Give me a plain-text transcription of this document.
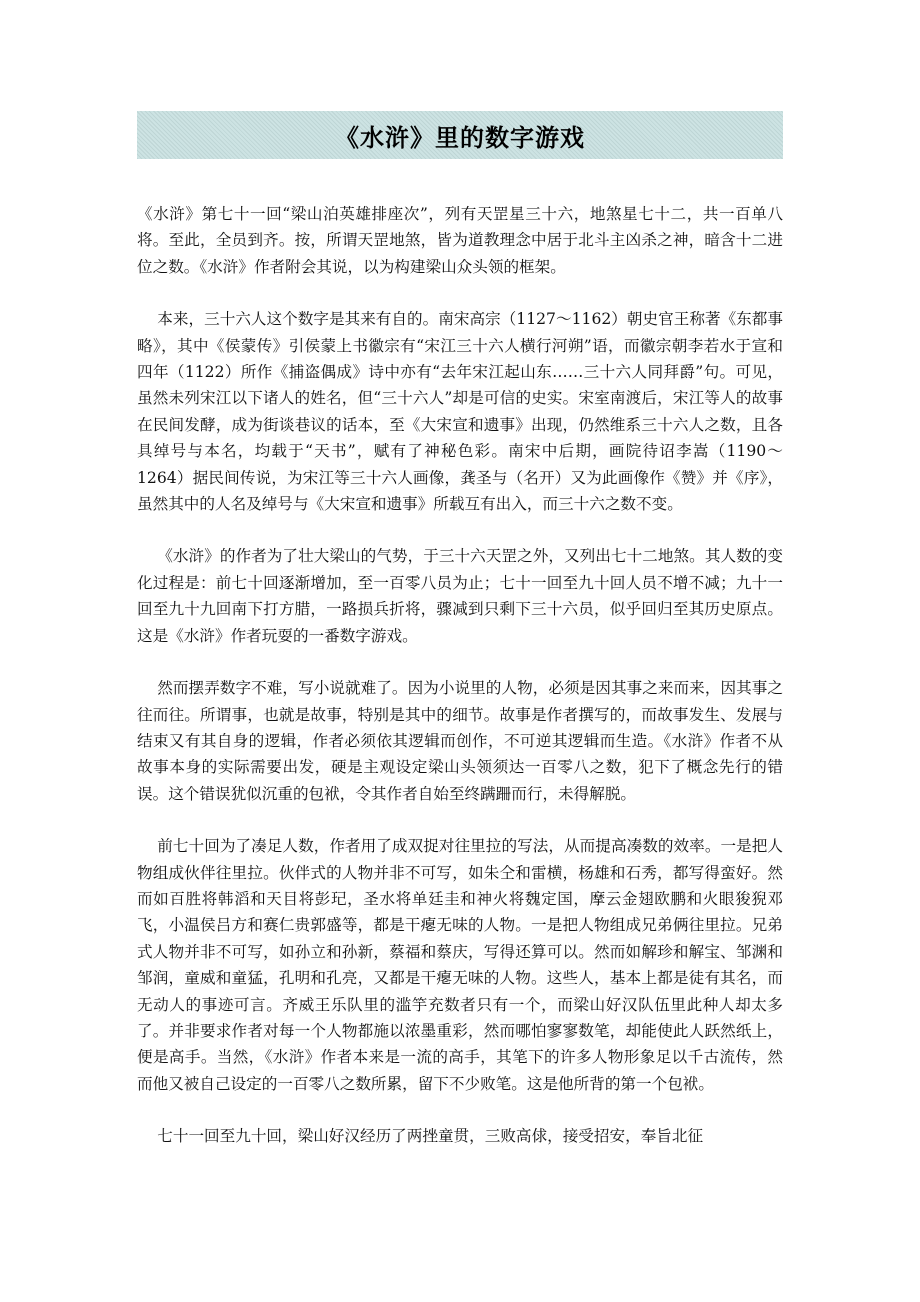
《水浒》里的数字游戏

《水浒》第七十一回“梁山泊英雄排座次”，列有天罡星三十六，地煞星七十二，共一百单八将。至此，全员到齐。按，所谓天罡地煞，皆为道教理念中居于北斗主凶杀之神，暗含十二进位之数。《水浒》作者附会其说，以为构建梁山众头领的框架。

本来，三十六人这个数字是其来有自的。南宋高宗（1127～1162）朝史官王称著《东都事略》，其中《侯蒙传》引侯蒙上书徽宗有“宋江三十六人横行河朔”语，而徽宗朝李若水于宣和四年（1122）所作《捕盗偶成》诗中亦有“去年宋江起山东……三十六人同拜爵”句。可见，虽然未列宋江以下诸人的姓名，但“三十六人”却是可信的史实。宋室南渡后，宋江等人的故事在民间发酵，成为街谈巷议的话本，至《大宋宣和遗事》出现，仍然维系三十六人之数，且各具绰号与本名，均载于“天书”，赋有了神秘色彩。南宋中后期，画院待诏李嵩（1190～1264）据民间传说，为宋江等三十六人画像，龚圣与（名开）又为此画像作《赞》并《序》，虽然其中的人名及绰号与《大宋宣和遗事》所载互有出入，而三十六之数不变。

《水浒》的作者为了壮大梁山的气势，于三十六天罡之外，又列出七十二地煞。其人数的变化过程是：前七十回逐渐增加，至一百零八员为止；七十一回至九十回人员不增不减；九十一回至九十九回南下打方腊，一路损兵折将，骤减到只剩下三十六员，似乎回归至其历史原点。这是《水浒》作者玩耍的一番数字游戏。

然而摆弄数字不难，写小说就难了。因为小说里的人物，必须是因其事之来而来，因其事之往而往。所谓事，也就是故事，特别是其中的细节。故事是作者撰写的，而故事发生、发展与结束又有其自身的逻辑，作者必须依其逻辑而创作，不可逆其逻辑而生造。《水浒》作者不从故事本身的实际需要出发，硬是主观设定梁山头领须达一百零八之数，犯下了概念先行的错误。这个错误犹似沉重的包袱，令其作者自始至终蹒跚而行，未得解脱。

前七十回为了凑足人数，作者用了成双捉对往里拉的写法，从而提高凑数的效率。一是把人物组成伙伴往里拉。伙伴式的人物并非不可写，如朱仝和雷横，杨雄和石秀，都写得蛮好。然而如百胜将韩滔和天目将彭玘，圣水将单廷圭和神火将魏定国，摩云金翅欧鹏和火眼狻猊邓飞，小温侯吕方和赛仁贵郭盛等，都是干瘪无味的人物。一是把人物组成兄弟俩往里拉。兄弟式人物并非不可写，如孙立和孙新，蔡福和蔡庆，写得还算可以。然而如解珍和解宝、邹渊和邹润，童威和童猛，孔明和孔亮，又都是干瘪无味的人物。这些人，基本上都是徒有其名，而无动人的事迹可言。齐威王乐队里的滥竽充数者只有一个，而梁山好汉队伍里此种人却太多了。并非要求作者对每一个人物都施以浓墨重彩，然而哪怕寥寥数笔，却能使此人跃然纸上，便是高手。当然，《水浒》作者本来是一流的高手，其笔下的许多人物形象足以千古流传，然而他又被自己设定的一百零八之数所累，留下不少败笔。这是他所背的第一个包袱。

七十一回至九十回，梁山好汉经历了两挫童贯，三败高俅，接受招安，奉旨北征
